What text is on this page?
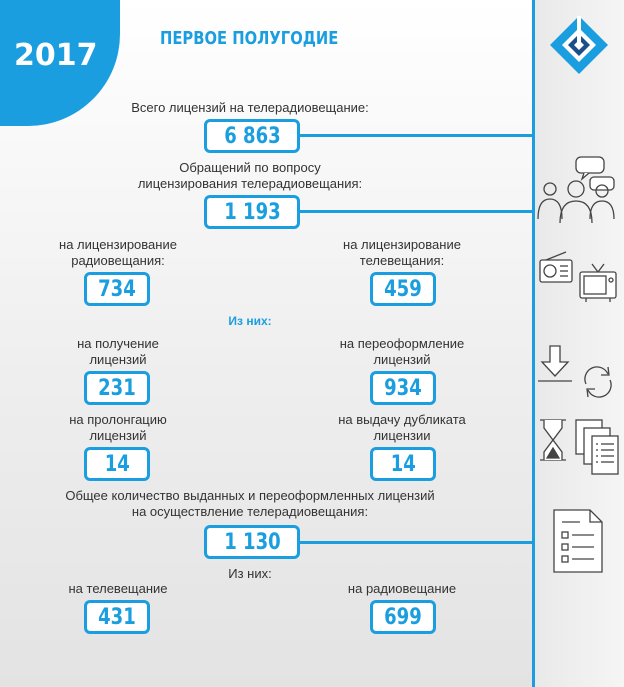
2017	ПЕРВОЕ ПОЛУГОДИЕ
Всего лицензий на телерадиовещание:
6 863
Обращений по вопросу
лицензирования телерадиовещания:
1 193
на лицензирование
радиовещания:
734
на лицензирование
телевещания:
459
Из них:
на получение
лицензий
231
на переоформление
лицензий
934
на пролонгацию
лицензий
14
на выдачу дубликата
лицензии
14
Общее количество выданных и переоформленных лицензий
на осуществление телерадиовещания:
1 130
Из них:
на телевещание
431
на радиовещание
699
